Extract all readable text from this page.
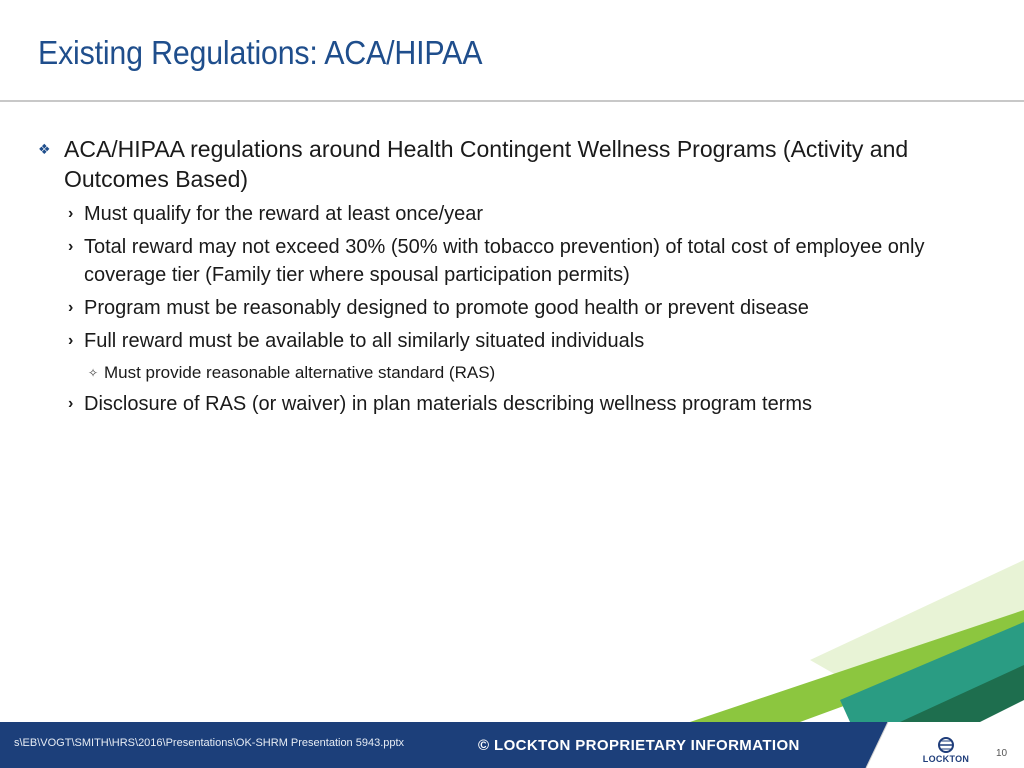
Existing Regulations: ACA/HIPAA
❖ ACA/HIPAA regulations around Health Contingent Wellness Programs (Activity and Outcomes Based)
› Must qualify for the reward at least once/year
› Total reward may not exceed 30% (50% with tobacco prevention) of total cost of employee only coverage tier (Family tier where spousal participation permits)
› Program must be reasonably designed to promote good health or prevent disease
› Full reward must be available to all similarly situated individuals
✧ Must provide reasonable alternative standard (RAS)
› Disclosure of RAS (or waiver) in plan materials describing wellness program terms
s\EB\VOGT\SMITH\HRS\2016\Presentations\OK-SHRM Presentation 5943.pptx	© LOCKTON PROPRIETARY INFORMATION
LOCKTON	10
